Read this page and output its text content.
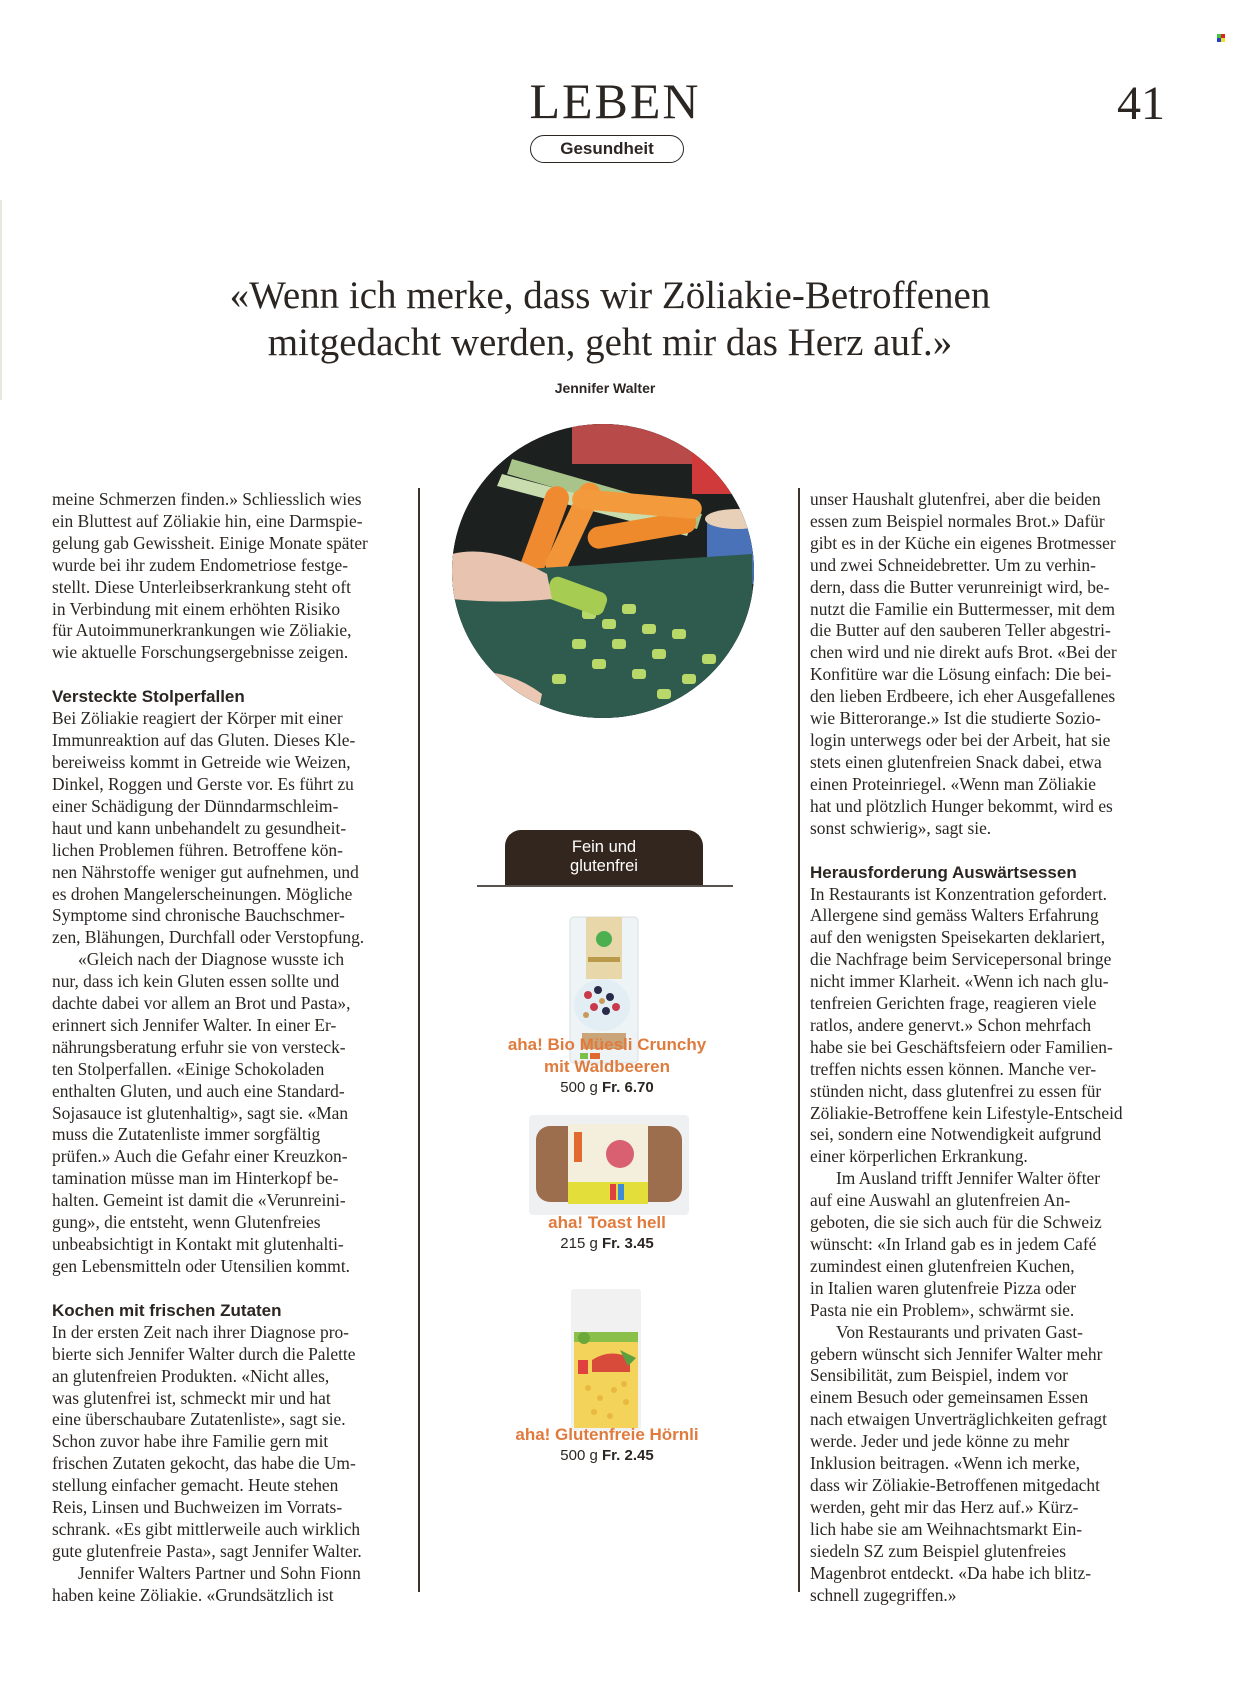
LEBEN	41
Gesundheit
«Wenn ich merke, dass wir Zöliakie-Betroffenen
mitgedacht werden, geht mir das Herz auf.»
Jennifer Walter

meine Schmerzen finden.» Schliesslich wies
ein Bluttest auf Zöliakie hin, eine Darmspie-
gelung gab Gewissheit. Einige Monate später
wurde bei ihr zudem Endometriose festge-
stellt. Diese Unterleibserkrankung steht oft
in Verbindung mit einem erhöhten Risiko
für Autoimmunerkrankungen wie Zöliakie,
wie aktuelle Forschungsergebnisse zeigen.

Versteckte Stolperfallen

Bei Zöliakie reagiert der Körper mit einer
Immunreaktion auf das Gluten. Dieses Kle-
bereiweiss kommt in Getreide wie Weizen,
Dinkel, Roggen und Gerste vor. Es führt zu
einer Schädigung der Dünndarmschleim-
haut und kann unbehandelt zu gesundheit-
lichen Problemen führen. Betroffene kön-
nen Nährstoffe weniger gut aufnehmen, und
es drohen Mangelerscheinungen. Mögliche
Symptome sind chronische Bauchschmer-
zen, Blähungen, Durchfall oder Verstopfung.

«Gleich nach der Diagnose wusste ich
nur, dass ich kein Gluten essen sollte und
dachte dabei vor allem an Brot und Pasta»,
erinnert sich Jennifer Walter. In einer Er-
nährungsberatung erfuhr sie von versteck-
ten Stolperfallen. «Einige Schokoladen
enthalten Gluten, und auch eine Standard-
Sojasauce ist glutenhaltig», sagt sie. «Man
muss die Zutatenliste immer sorgfältig
prüfen.» Auch die Gefahr einer Kreuzkon-
tamination müsse man im Hinterkopf be-
halten. Gemeint ist damit die «Verunreini-
gung», die entsteht, wenn Glutenfreies
unbeabsichtigt in Kontakt mit glutenhalti-
gen Lebensmitteln oder Utensilien kommt.

Kochen mit frischen Zutaten

In der ersten Zeit nach ihrer Diagnose pro-
bierte sich Jennifer Walter durch die Palette
an glutenfreien Produkten. «Nicht alles,
was glutenfrei ist, schmeckt mir und hat
eine überschaubare Zutatenliste», sagt sie.
Schon zuvor habe ihre Familie gern mit
frischen Zutaten gekocht, das habe die Um-
stellung einfacher gemacht. Heute stehen
Reis, Linsen und Buchweizen im Vorrats-
schrank. «Es gibt mittlerweile auch wirklich
gute glutenfreie Pasta», sagt Jennifer Walter.

Jennifer Walters Partner und Sohn Fionn
haben keine Zöliakie. «Grundsätzlich ist

unser Haushalt glutenfrei, aber die beiden
essen zum Beispiel normales Brot.» Dafür
gibt es in der Küche ein eigenes Brotmesser
und zwei Schneidebretter. Um zu verhin-
dern, dass die Butter verunreinigt wird, be-
nutzt die Familie ein Buttermesser, mit dem
die Butter auf den sauberen Teller abgestri-
chen wird und nie direkt aufs Brot. «Bei der
Konfitüre war die Lösung einfach: Die bei-
den lieben Erdbeere, ich eher Ausgefallenes
wie Bitterorange.» Ist die studierte Sozio-
login unterwegs oder bei der Arbeit, hat sie
stets einen glutenfreien Snack dabei, etwa
einen Proteinriegel. «Wenn man Zöliakie
hat und plötzlich Hunger bekommt, wird es
sonst schwierig», sagt sie.

Herausforderung Auswärtsessen

In Restaurants ist Konzentration gefordert.
Allergene sind gemäss Walters Erfahrung
auf den wenigsten Speisekarten deklariert,
die Nachfrage beim Servicepersonal bringe
nicht immer Klarheit. «Wenn ich nach glu-
tenfreien Gerichten frage, reagieren viele
ratlos, andere genervt.» Schon mehrfach
habe sie bei Geschäftsfeiern oder Familien-
treffen nichts essen können. Manche ver-
stünden nicht, dass glutenfrei zu essen für
Zöliakie-Betroffene kein Lifestyle-Entscheid
sei, sondern eine Notwendigkeit aufgrund
einer körperlichen Erkrankung.

Im Ausland trifft Jennifer Walter öfter
auf eine Auswahl an glutenfreien An-
geboten, die sie sich auch für die Schweiz
wünscht: «In Irland gab es in jedem Café
zumindest einen glutenfreien Kuchen,
in Italien waren glutenfreie Pizza oder
Pasta nie ein Problem», schwärmt sie.

Von Restaurants und privaten Gast-
gebern wünscht sich Jennifer Walter mehr
Sensibilität, zum Beispiel, indem vor
einem Besuch oder gemeinsamen Essen
nach etwaigen Unverträglichkeiten gefragt
werde. Jeder und jede könne zu mehr
Inklusion beitragen. «Wenn ich merke,
dass wir Zöliakie-Betroffenen mitgedacht
werden, geht mir das Herz auf.» Kürz-
lich habe sie am Weihnachtsmarkt Ein-
siedeln SZ zum Beispiel glutenfreies
Magenbrot entdeckt. «Da habe ich blitz-
schnell zugegriffen.»

Fein und
glutenfrei
aha! Bio Müesli Crunchy
mit Waldbeeren
500 g Fr. 6.70
aha! Toast hell
215 g Fr. 3.45
aha! Glutenfreie Hörnli
500 g Fr. 2.45
